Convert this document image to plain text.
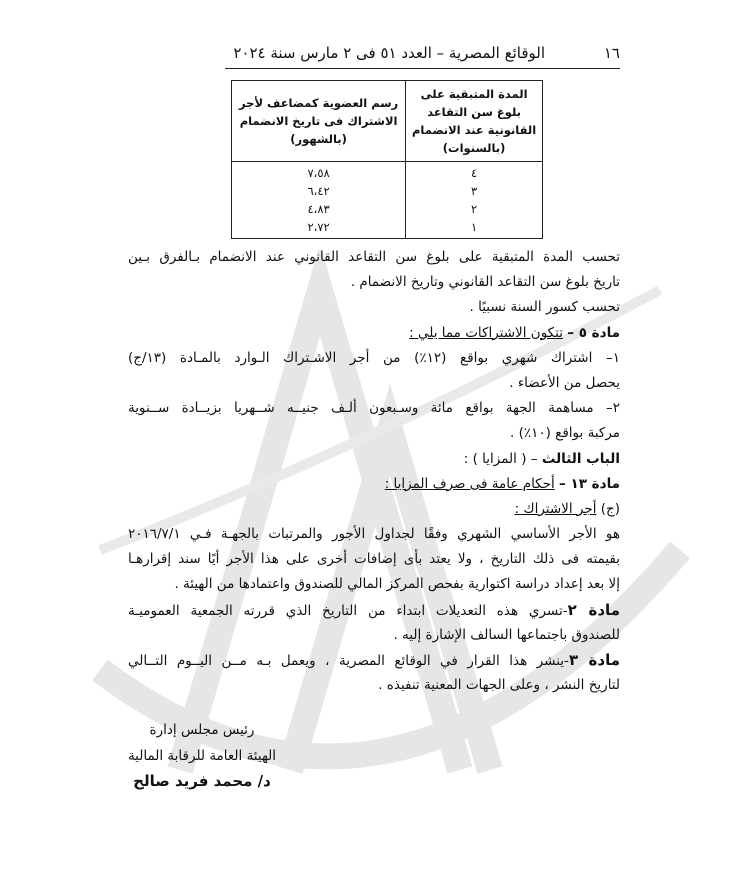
١٦
الوقائع المصرية – العدد ٥١ فى ٢ مارس سنة ٢٠٢٤
المدة المتبقية على بلوغ سن التقاعد القانونية عند الانضمام (بالسنوات)	رسم العضوية كمضاعف لأجر الاشتراك فى تاريخ الانضمام (بالشهور)
٤	٧،٥٨
٣	٦،٤٢
٢	٤،٨٣
١	٢،٧٢
تحسب المدة المتبقية على بلوغ سن التقاعد القانوني عند الانضمام بـالفرق بـين
تاريخ بلوغ سن التقاعد القانوني وتاريخ الانضمام .
تحسب كسور السنة نسبيًا .
مادة ٥ – تتكون الاشتراكات مما يلي :
١– اشتراك شهري بواقع (١٢٪) من أجر الاشـتراك الـوارد بالمـادة (١٣/ج)
يحصل من الأعضاء .
٢– مساهمة الجهة بواقع مائة وسـبعون ألـف جنيــه شــهريا بزيــادة ســنوية
مركبة بواقع (١٠٪) .
الباب الثالث – ( المزايا ) :
مادة ١٣ – أحكام عامة فى صرف المزايا :
(ج) أجر الاشتراك :
هو الأجر الأساسي الشهري وفقًا لجداول الأجور والمرتبات بالجهـة فـي ٢٠١٦/٧/١
بقيمته فى ذلك التاريخ ، ولا يعتد بأى إضافات أخرى على هذا الأجر أيًا سند إقرارهـا
إلا بعد إعداد دراسة اكتوارية بفحص المركز المالي للصندوق واعتمادها من الهيئة .
مادة ٢-تسري هذه التعديلات ابتداء من التاريخ الذي قررته الجمعية العموميـة
للصندوق باجتماعها السالف الإشارة إليه .
مادة ٣-ينشر هذا القرار في الوقائع المصرية ، ويعمل بـه مــن اليــوم التــالي
لتاريخ النشر ، وعلى الجهات المعنية تنفيذه .
رئيس مجلس إدارة
الهيئة العامة للرقابة المالية
د/ محمد فريد صالح
